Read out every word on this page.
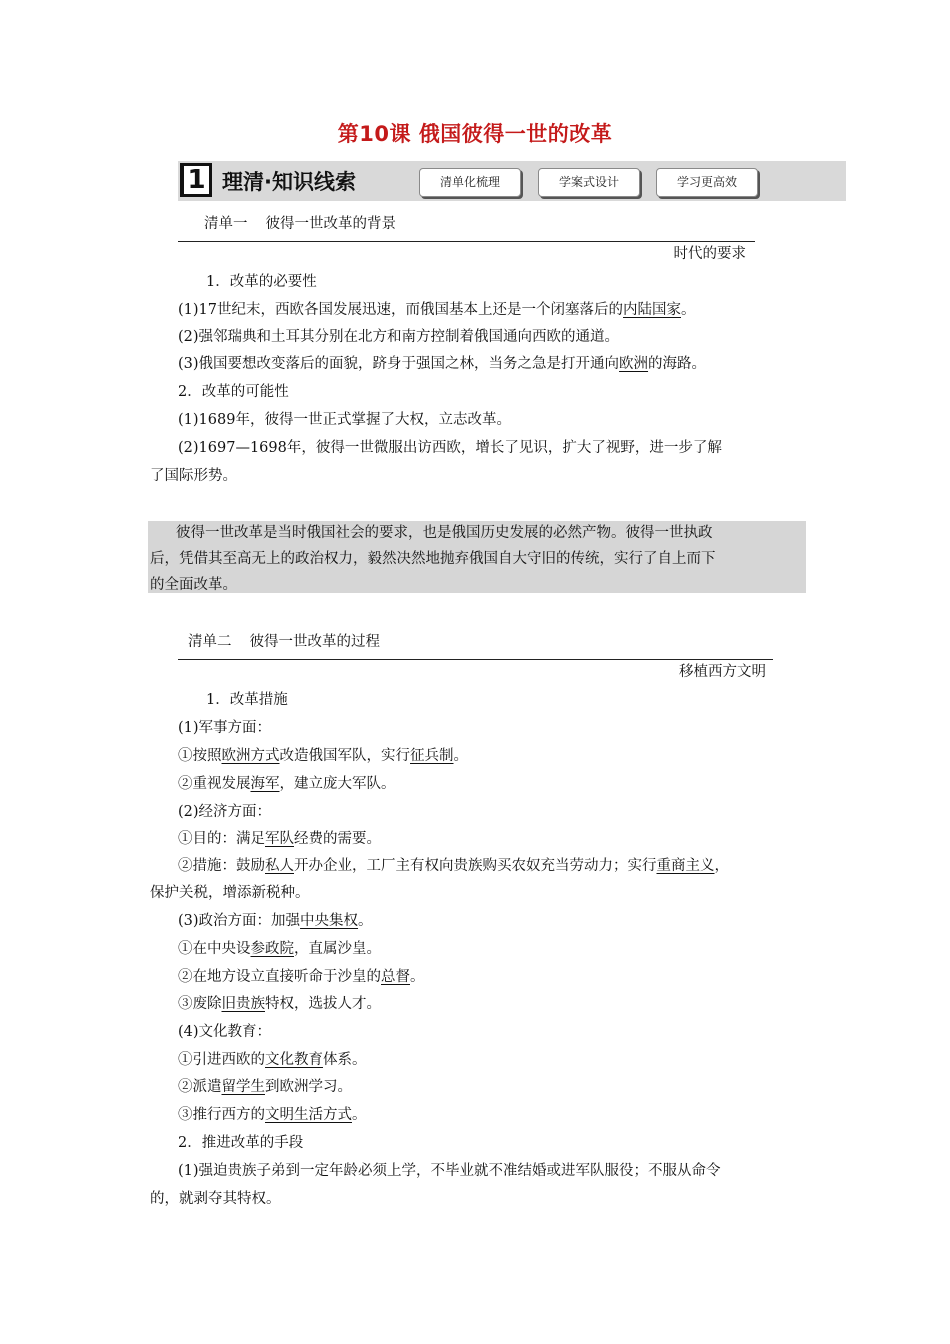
第10课 俄国彼得一世的改革
1 理清·知识线索	清单化梳理	学案式设计	学习更高效
清单一 彼得一世改革的背景
时代的要求
1．改革的必要性
(1)17世纪末，西欧各国发展迅速，而俄国基本上还是一个闭塞落后的内陆国家。
(2)强邻瑞典和土耳其分别在北方和南方控制着俄国通向西欧的通道。
(3)俄国要想改变落后的面貌，跻身于强国之林，当务之急是打开通向欧洲的海路。
2．改革的可能性
(1)1689年，彼得一世正式掌握了大权，立志改革。
(2)1697—1698年，彼得一世微服出访西欧，增长了见识，扩大了视野，进一步了解
了国际形势。
彼得一世改革是当时俄国社会的要求，也是俄国历史发展的必然产物。彼得一世执政
后，凭借其至高无上的政治权力，毅然决然地抛弃俄国自大守旧的传统，实行了自上而下
的全面改革。
清单二 彼得一世改革的过程
移植西方文明
1．改革措施
(1)军事方面：
①按照欧洲方式改造俄国军队，实行征兵制。
②重视发展海军，建立庞大军队。
(2)经济方面：
①目的：满足军队经费的需要。
②措施：鼓励私人开办企业，工厂主有权向贵族购买农奴充当劳动力；实行重商主义，
保护关税，增添新税种。
(3)政治方面：加强中央集权。
①在中央设参政院，直属沙皇。
②在地方设立直接听命于沙皇的总督。
③废除旧贵族特权，选拔人才。
(4)文化教育：
①引进西欧的文化教育体系。
②派遣留学生到欧洲学习。
③推行西方的文明生活方式。
2．推进改革的手段
(1)强迫贵族子弟到一定年龄必须上学，不毕业就不准结婚或进军队服役；不服从命令
的，就剥夺其特权。
